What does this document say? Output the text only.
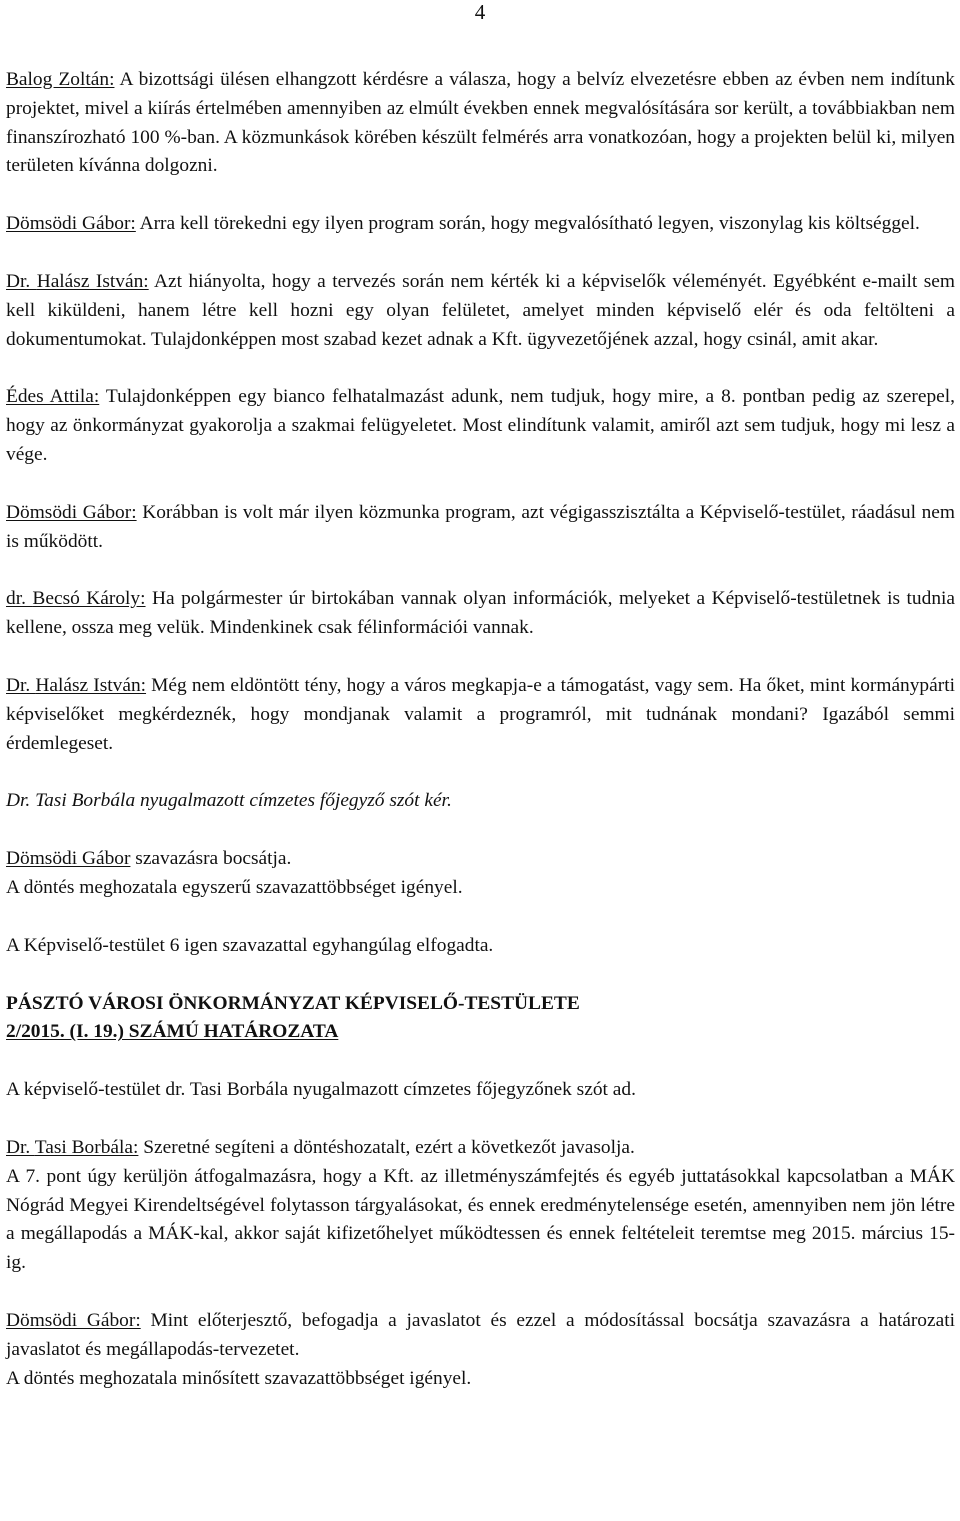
4

Balog Zoltán: A bizottsági ülésen elhangzott kérdésre a válasza, hogy a belvíz elvezetésre ebben az évben nem indítunk projektet, mivel a kiírás értelmében amennyiben az elmúlt években ennek megvalósítására sor került, a továbbiakban nem finanszírozható 100 %-ban. A közmunkások körében készült felmérés arra vonatkozóan, hogy a projekten belül ki, milyen területen kívánna dolgozni.

Dömsödi Gábor: Arra kell törekedni egy ilyen program során, hogy megvalósítható legyen, viszonylag kis költséggel.

Dr. Halász István: Azt hiányolta, hogy a tervezés során nem kérték ki a képviselők véleményét. Egyébként e-mailt sem kell kiküldeni, hanem létre kell hozni egy olyan felületet, amelyet minden képviselő elér és oda feltölteni a dokumentumokat. Tulajdonképpen most szabad kezet adnak a Kft. ügyvezetőjének azzal, hogy csinál, amit akar.

Édes Attila: Tulajdonképpen egy bianco felhatalmazást adunk, nem tudjuk, hogy mire, a 8. pontban pedig az szerepel, hogy az önkormányzat gyakorolja a szakmai felügyeletet. Most elindítunk valamit, amiről azt sem tudjuk, hogy mi lesz a vége.

Dömsödi Gábor: Korábban is volt már ilyen közmunka program, azt végigasszisztálta a Képviselő-testület, ráadásul nem is működött.

dr. Becsó Károly: Ha polgármester úr birtokában vannak olyan információk, melyeket a Képviselő-testületnek is tudnia kellene, ossza meg velük. Mindenkinek csak félinformációi vannak.

Dr. Halász István: Még nem eldöntött tény, hogy a város megkapja-e a támogatást, vagy sem. Ha őket, mint kormánypárti képviselőket megkérdeznék, hogy mondjanak valamit a programról, mit tudnának mondani? Igazából semmi érdemlegeset.

Dr. Tasi Borbála nyugalmazott címzetes főjegyző szót kér.

Dömsödi Gábor szavazásra bocsátja.

A döntés meghozatala egyszerű szavazattöbbséget igényel.

A Képviselő-testület 6 igen szavazattal egyhangúlag elfogadta.

PÁSZTÓ VÁROSI ÖNKORMÁNYZAT KÉPVISELŐ-TESTÜLETE
2/2015. (I. 19.) SZÁMÚ HATÁROZATA

A képviselő-testület dr. Tasi Borbála nyugalmazott címzetes főjegyzőnek szót ad.

Dr. Tasi Borbála: Szeretné segíteni a döntéshozatalt, ezért a következőt javasolja.

A 7. pont úgy kerüljön átfogalmazásra, hogy a Kft. az illetményszámfejtés és egyéb juttatásokkal kapcsolatban a MÁK Nógrád Megyei Kirendeltségével folytasson tárgyalásokat, és ennek eredménytelensége esetén, amennyiben nem jön létre a megállapodás a MÁK-kal, akkor saját kifizetőhelyet működtessen és ennek feltételeit teremtse meg 2015. március 15-ig.

Dömsödi Gábor: Mint előterjesztő, befogadja a javaslatot és ezzel a módosítással bocsátja szavazásra a határozati javaslatot és megállapodás-tervezetet.

A döntés meghozatala minősített szavazattöbbséget igényel.
